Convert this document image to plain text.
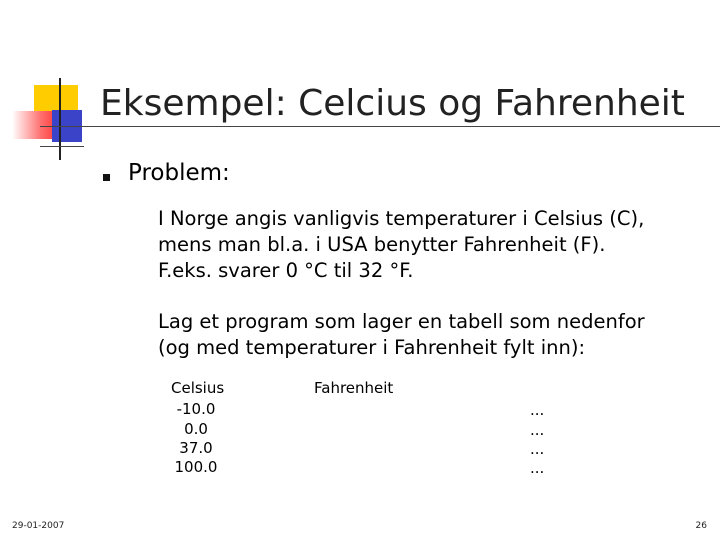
Eksempel: Celcius og Fahrenheit
Problem:

I Norge angis vanligvis temperaturer i Celsius (C),
mens man bl.a. i USA benytter Fahrenheit (F).
F.eks. svarer 0 °C til 32 °F.

Lag et program som lager en tabell som nedenfor
(og med temperaturer i Fahrenheit fylt inn):

Celsius	Fahrenheit
-10.0
0.0
37.0
100.0
...
...
...
...
29-01-2007	26
